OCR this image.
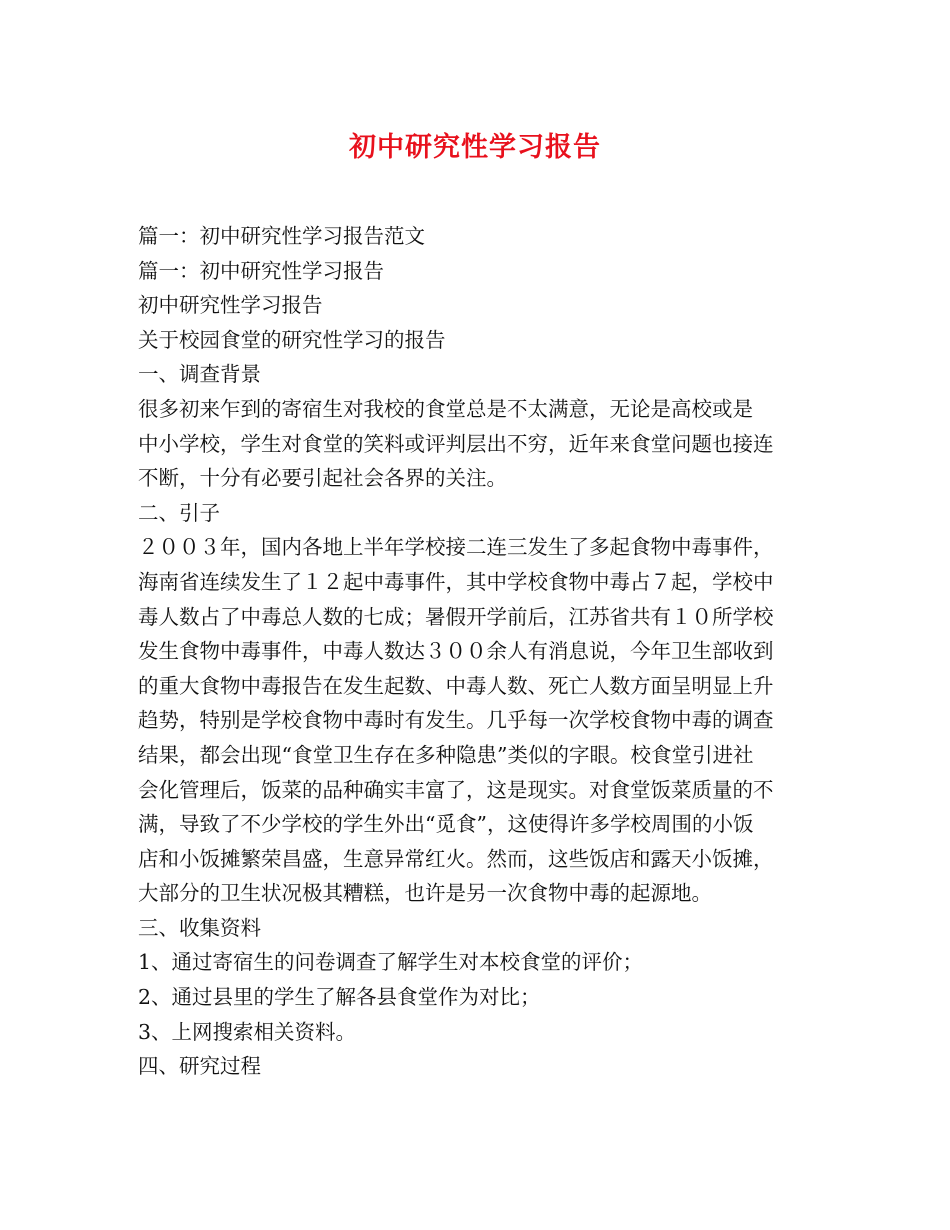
初中研究性学习报告
篇一：初中研究性学习报告范文
篇一：初中研究性学习报告
初中研究性学习报告
关于校园食堂的研究性学习的报告
一、调查背景
很多初来乍到的寄宿生对我校的食堂总是不太满意，无论是高校或是
中小学校，学生对食堂的笑料或评判层出不穷，近年来食堂问题也接连
不断，十分有必要引起社会各界的关注。
二、引子
２００３年，国内各地上半年学校接二连三发生了多起食物中毒事件，
海南省连续发生了１２起中毒事件，其中学校食物中毒占７起，学校中
毒人数占了中毒总人数的七成；暑假开学前后，江苏省共有１０所学校
发生食物中毒事件，中毒人数达３００余人有消息说，今年卫生部收到
的重大食物中毒报告在发生起数、中毒人数、死亡人数方面呈明显上升
趋势，特别是学校食物中毒时有发生。几乎每一次学校食物中毒的调查
结果，都会出现“食堂卫生存在多种隐患”类似的字眼。校食堂引进社
会化管理后，饭菜的品种确实丰富了，这是现实。对食堂饭菜质量的不
满，导致了不少学校的学生外出“觅食”，这使得许多学校周围的小饭
店和小饭摊繁荣昌盛，生意异常红火。然而，这些饭店和露天小饭摊，
大部分的卫生状况极其糟糕，也许是另一次食物中毒的起源地。
三、收集资料
1、通过寄宿生的问卷调查了解学生对本校食堂的评价；
2、通过县里的学生了解各县食堂作为对比；
3、上网搜索相关资料。
四、研究过程
